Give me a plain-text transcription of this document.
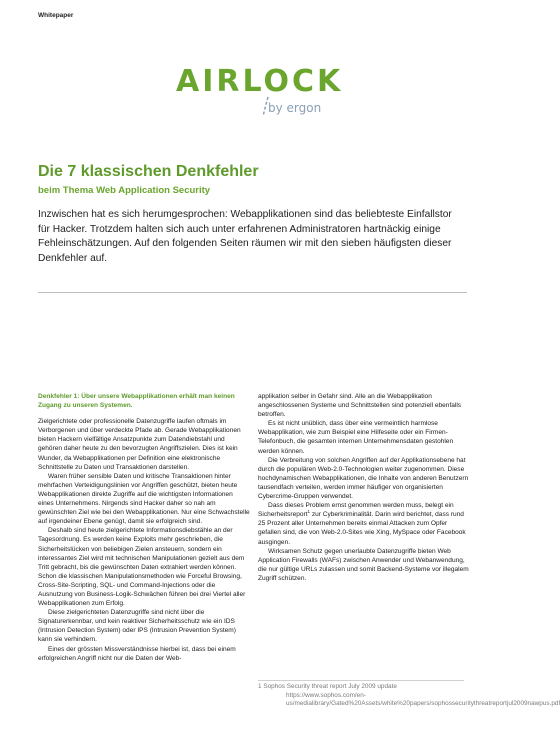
Whitepaper
AIRLOCK
by ergon
Die 7 klassischen Denkfehler
beim Thema Web Application Security
Inzwischen hat es sich herumgesprochen: Webapplikationen sind das beliebteste Einfallstor für Hacker. Trotzdem halten sich auch unter erfahrenen Administratoren hartnäckig einige Fehleinschätzungen. Auf den folgenden Seiten räumen wir mit den sieben häufigsten dieser Denkfehler auf.
Denkfehler 1: Über unsere Webapplikationen erhält man keinen Zugang zu unseren Systemen.

Zielgerichtete oder professionelle Datenzugriffe laufen oftmals im Verborgenen und über verdeckte Pfade ab. Gerade Webapplikationen bieten Hackern vielfältige Ansatzpunkte zum Datendiebstahl und gehören daher heute zu den bevorzugten Angriffszielen. Dies ist kein Wunder, da Webapplikationen per Definition eine elektronische Schnittstelle zu Daten und Transaktionen darstellen.

Waren früher sensible Daten und kritische Transaktionen hinter mehrfachen Verteidigungslinien vor Angriffen geschützt, bieten heute Webapplikationen direkte Zugriffe auf die wichtigsten Informationen eines Unternehmens. Nirgends sind Hacker daher so nah am gewünschten Ziel wie bei den Webapplikationen. Nur eine Schwachstelle auf irgendeiner Ebene genügt, damit sie erfolgreich sind.

Deshalb sind heute zielgerichtete Informationsdiebstähle an der Tagesordnung. Es werden keine Exploits mehr geschrieben, die Sicherheitslücken von beliebigen Zielen ansteuern, sondern ein interessantes Ziel wird mit technischen Manipulationen gezielt aus dem Tritt gebracht, bis die gewünschten Daten extrahiert werden können. Schon die klassischen Manipulationsmethoden wie Forceful Browsing, Cross-Site-Scripting, SQL- und Command-Injections oder die Ausnutzung von Business-Logik-Schwächen führen bei drei Viertel aller Webapplikationen zum Erfolg.

Diese zielgerichteten Datenzugriffe sind nicht über die Signaturerkennbar, und kein reaktiver Sicherheitsschutz wie ein IDS (Intrusion Detection System) oder IPS (Intrusion Prevention System) kann sie verhindern.

Eines der grössten Missverständnisse hierbei ist, dass bei einem erfolgreichen Angriff nicht nur die Daten der Web-

applikation selber in Gefahr sind. Alle an die Webapplikation angeschlossenen Systeme und Schnittstellen sind potenziell ebenfalls betroffen.

Es ist nicht unüblich, dass über eine vermeintlich harmlose Webapplikation, wie zum Beispiel eine Hilfeseite oder ein Firmen-Telefonbuch, die gesamten internen Unternehmensdaten gestohlen werden können.

Die Verbreitung von solchen Angriffen auf der Applikationsebene hat durch die populären Web-2.0-Technologien weiter zugenommen. Diese hochdynamischen Webapplikationen, die Inhalte von anderen Benutzern tausendfach verteilen, werden immer häufiger von organisierten Cybercrime-Gruppen verwendet.

Dass dieses Problem ernst genommen werden muss, belegt ein Sicherheitsreport$^1$ zur Cyberkriminalität. Darin wird berichtet, dass rund 25 Prozent aller Unternehmen bereits einmal Attacken zum Opfer gefallen sind, die von Web-2.0-Sites wie Xing, MySpace oder Facebook ausgingen.

Wirksamen Schutz gegen unerlaubte Datenzugriffe bieten Web Application Firewalls (WAFs) zwischen Anwender und Webanwendung, die nur gültige URLs zulassen und somit Backend-Systeme vor illegalem Zugriff schützen.

1 Sophos Security threat report July 2009 update
https://www.sophos.com/en-us/medialibrary/Gated%20Assets/white%20papers/sophossecuritythreatreportjul2009nawpus.pdf
